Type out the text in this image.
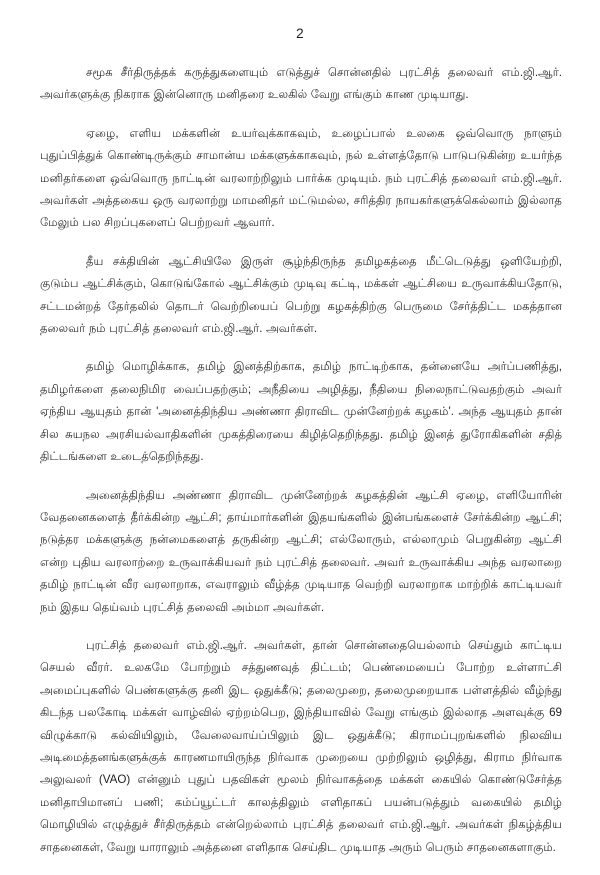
2

சமூக சீர்திருத்தக் கருத்துகளையும் எடுத்துச் சொன்னதில் புரட்சித் தலைவர் எம்.ஜி.ஆர். அவர்களுக்கு நிகராக இன்னொரு மனிதரை உலகில் வேறு எங்கும் காண முடியாது.

ஏழை, எளிய மக்களின் உயர்வுக்காகவும், உழைப்பால் உலகை ஒவ்வொரு நாளும் புதுப்பித்துக் கொண்டிருக்கும் சாமான்ய மக்களுக்காகவும், நல் உள்ளத்தோடு பாடுபடுகின்ற உயர்ந்த மனிதர்களை ஒவ்வொரு நாட்டின் வரலாற்றிலும் பார்க்க முடியும். நம் புரட்சித் தலைவர் எம்.ஜி.ஆர். அவர்கள் அத்தகைய ஒரு வரலாற்று மாமனிதர் மட்டுமல்ல, சரித்திர நாயகர்களுக்கெல்லாம் இல்லாத மேலும் பல சிறப்புகளைப் பெற்றவர் ஆவார்.

தீய சக்தியின் ஆட்சியிலே இருள் சூழ்ந்திருந்த தமிழகத்தை மீட்டெடுத்து ஒளியேற்றி, குடும்ப ஆட்சிக்கும், கொடுங்கோல் ஆட்சிக்கும் முடிவு கட்டி, மக்கள் ஆட்சியை உருவாக்கியதோடு, சட்டமன்றத் தேர்தலில் தொடர் வெற்றியைப் பெற்று கழகத்திற்கு பெருமை சேர்த்திட்ட மகத்தான தலைவர் நம் புரட்சித் தலைவர் எம்.ஜி.ஆர். அவர்கள்.

தமிழ் மொழிக்காக, தமிழ் இனத்திற்காக, தமிழ் நாட்டிற்காக, தன்னையே அர்ப்பணித்து, தமிழர்களை தலைநிமிர வைப்பதற்கும்; அநீதியை அழித்து, நீதியை நிலைநாட்டுவதற்கும் அவர் ஏந்திய ஆயுதம் தான் 'அனைத்திந்திய அண்ணா திராவிட முன்னேற்றக் கழகம்'. அந்த ஆயுதம் தான் சில சுயநல அரசியல்வாதிகளின் முகத்திரையை கிழித்தெறிந்தது. தமிழ் இனத் துரோகிகளின் சதித் திட்டங்களை உடைத்தெறிந்தது.

அனைத்திந்திய அண்ணா திராவிட முன்னேற்றக் கழகத்தின் ஆட்சி ஏழை, எளியோரின் வேதனைகளைத் தீர்க்கின்ற ஆட்சி; தாய்மார்களின் இதயங்களில் இன்பங்களைச் சேர்க்கின்ற ஆட்சி; நடுத்தர மக்களுக்கு நன்மைகளைத் தருகின்ற ஆட்சி; எல்லோரும், எல்லாமும் பெறுகின்ற ஆட்சி என்ற புதிய வரலாற்றை உருவாக்கியவர் நம் புரட்சித் தலைவர். அவர் உருவாக்கிய அந்த வரலாறை தமிழ் நாட்டின் வீர வரலாறாக, எவராலும் வீழ்த்த முடியாத வெற்றி வரலாறாக மாற்றிக் காட்டியவர் நம் இதய தெய்வம் புரட்சித் தலைவி அம்மா அவர்கள்.

புரட்சித் தலைவர் எம்.ஜி.ஆர். அவர்கள், தான் சொன்னதையெல்லாம் செய்தும் காட்டிய செயல் வீரர். உலகமே போற்றும் சத்துணவுத் திட்டம்; பெண்மையைப் போற்ற உள்ளாட்சி அமைப்புகளில் பெண்களுக்கு தனி இட ஒதுக்கீடு; தலைமுறை, தலைமுறையாக பள்ளத்தில் வீழ்ந்து கிடந்த பலகோடி மக்கள் வாழ்வில் ஏற்றம்பெற, இந்தியாவில் வேறு எங்கும் இல்லாத அளவுக்கு 69 விழுக்காடு கல்வியிலும், வேலைவாய்ப்பிலும் இட ஒதுக்கீடு; கிராமப்புறங்களில் நிலவிய அடிமைத்தனங்களுக்குக் காரணமாயிருந்த நிர்வாக முறையை முற்றிலும் ஒழித்து, கிராம நிர்வாக அலுவலர் (VAO) என்னும் புதுப் பதவிகள் மூலம் நிர்வாகத்தை மக்கள் கையில் கொண்டுசேர்த்த மனிதாபிமானப் பணி; கம்ப்யூட்டர் காலத்திலும் எளிதாகப் பயன்படுத்தும் வகையில் தமிழ் மொழியில் எழுத்துச் சீர்திருத்தம் என்றெல்லாம் புரட்சித் தலைவர் எம்.ஜி.ஆர். அவர்கள் நிகழ்த்திய சாதனைகள், வேறு யாராலும் அத்தனை எளிதாக செய்திட முடியாத அரும் பெரும் சாதனைகளாகும்.
